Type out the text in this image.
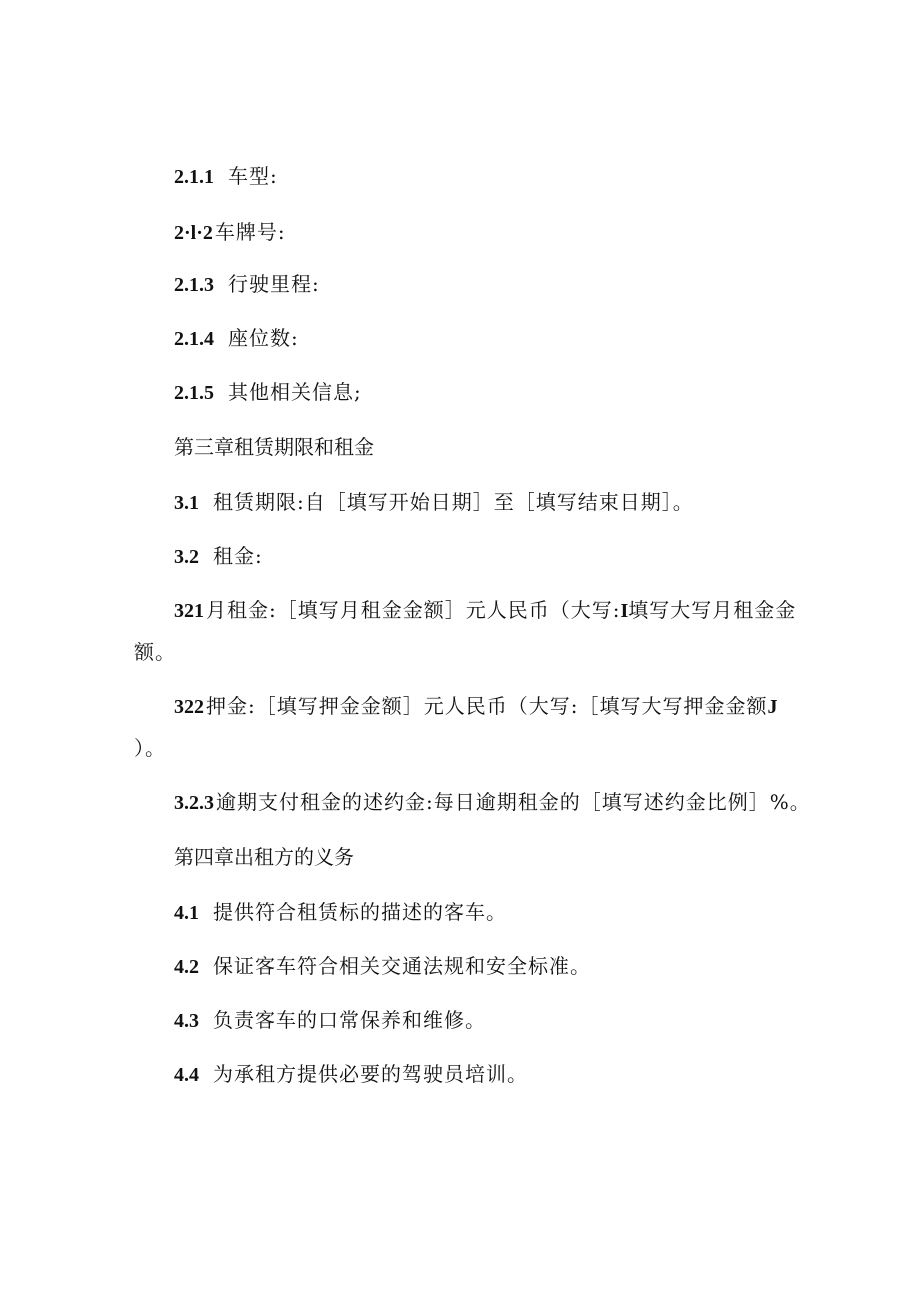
2.1.1 车型:
2·l·2 车牌号:
2.1.3 行驶里程:
2.1.4 座位数:
2.1.5 其他相关信息;
第三章租赁期限和租金
3.1 租赁期限:自［填写开始日期］至［填写结束日期］。
3.2 租金:
321 月租金:［填写月租金金额］元人民币（大写:I填写大写月租金金
额。
322 押金:［填写押金金额］元人民币（大写:［填写大写押金金额J
）。
3.2.3 逾期支付租金的述约金:每日逾期租金的［填写述约金比例］%。
第四章出租方的义务
4.1 提供符合租赁标的描述的客车。
4.2 保证客车符合相关交通法规和安全标准。
4.3 负责客车的口常保养和维修。
4.4 为承租方提供必要的驾驶员培训。
